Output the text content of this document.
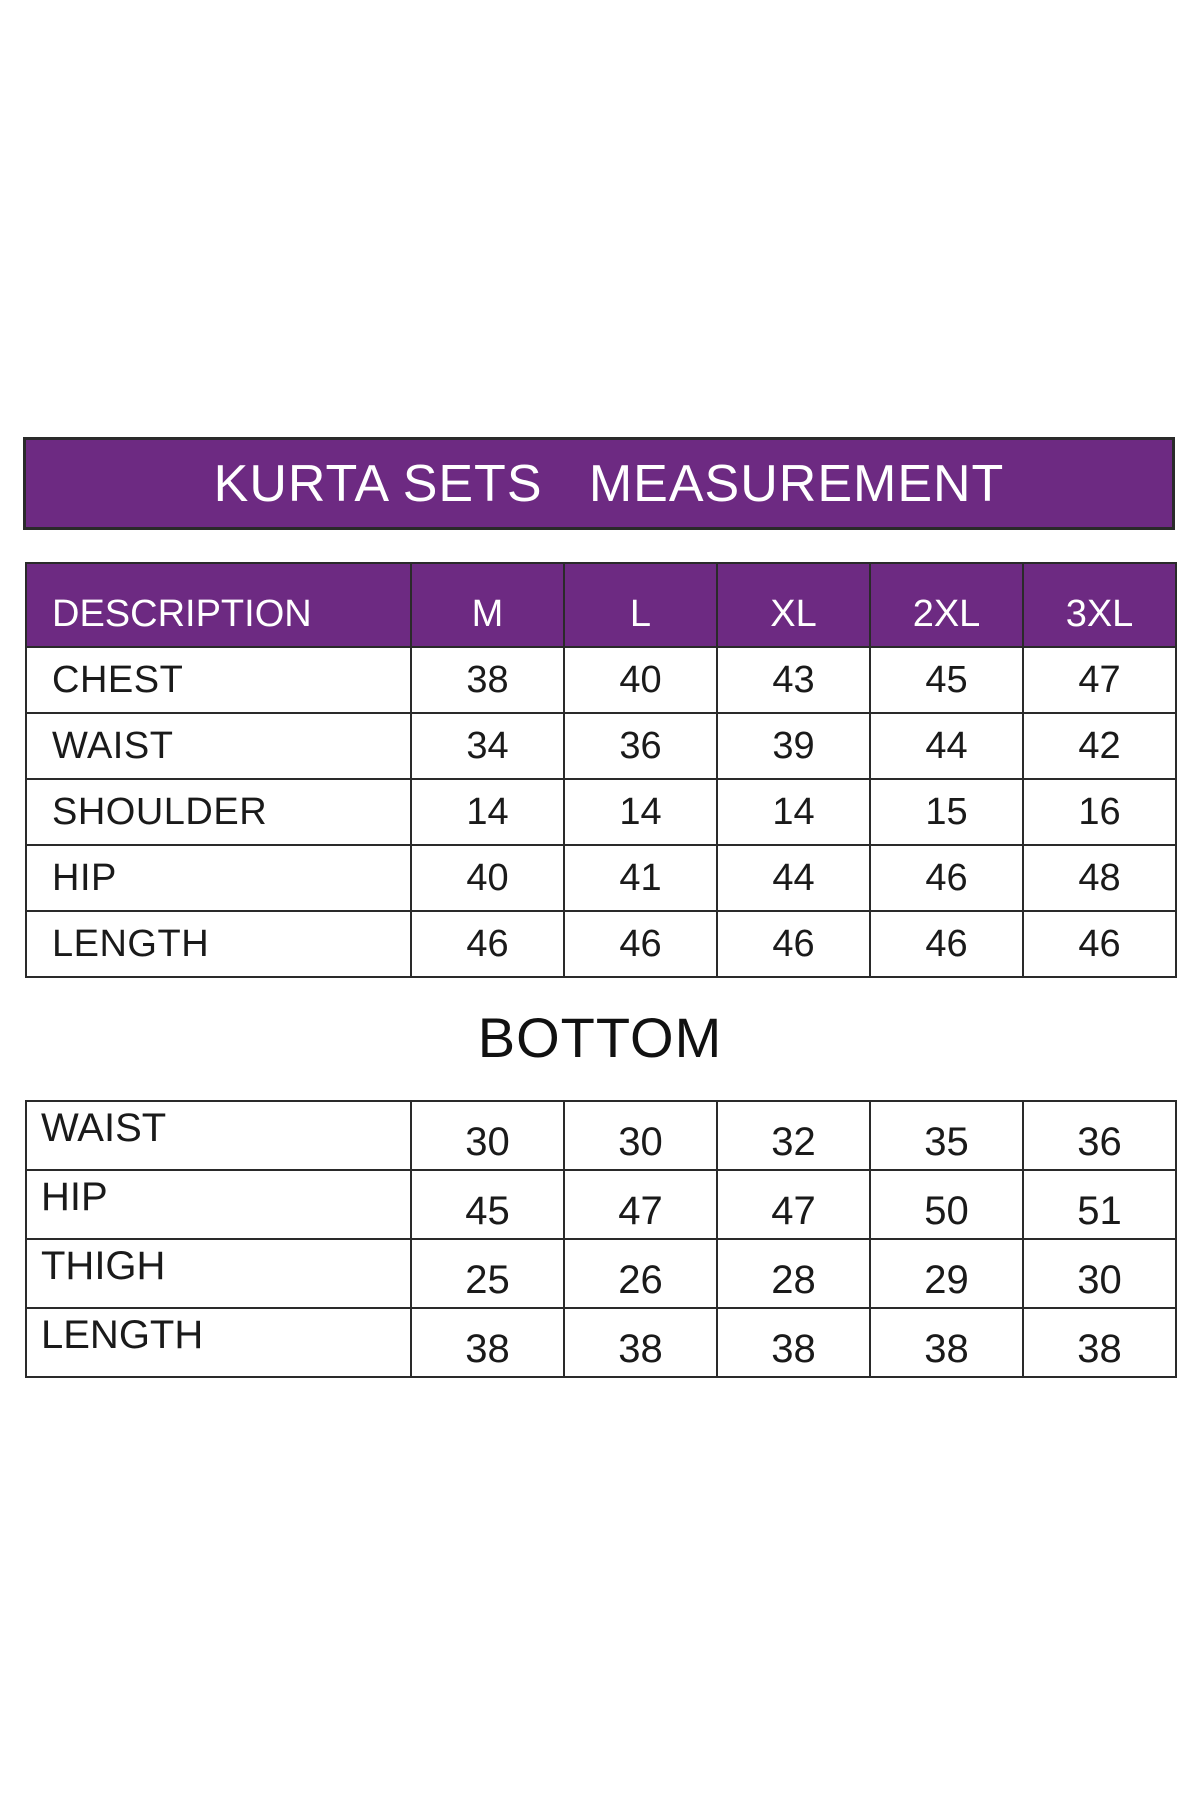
KURTA SETS   MEASUREMENT
DESCRIPTION	M	L	XL	2XL	3XL
CHEST	38	40	43	45	47
WAIST	34	36	39	44	42
SHOULDER	14	14	14	15	16
HIP	40	41	44	46	48
LENGTH	46	46	46	46	46
BOTTOM
WAIST	30	30	32	35	36
HIP	45	47	47	50	51
THIGH	25	26	28	29	30
LENGTH	38	38	38	38	38
